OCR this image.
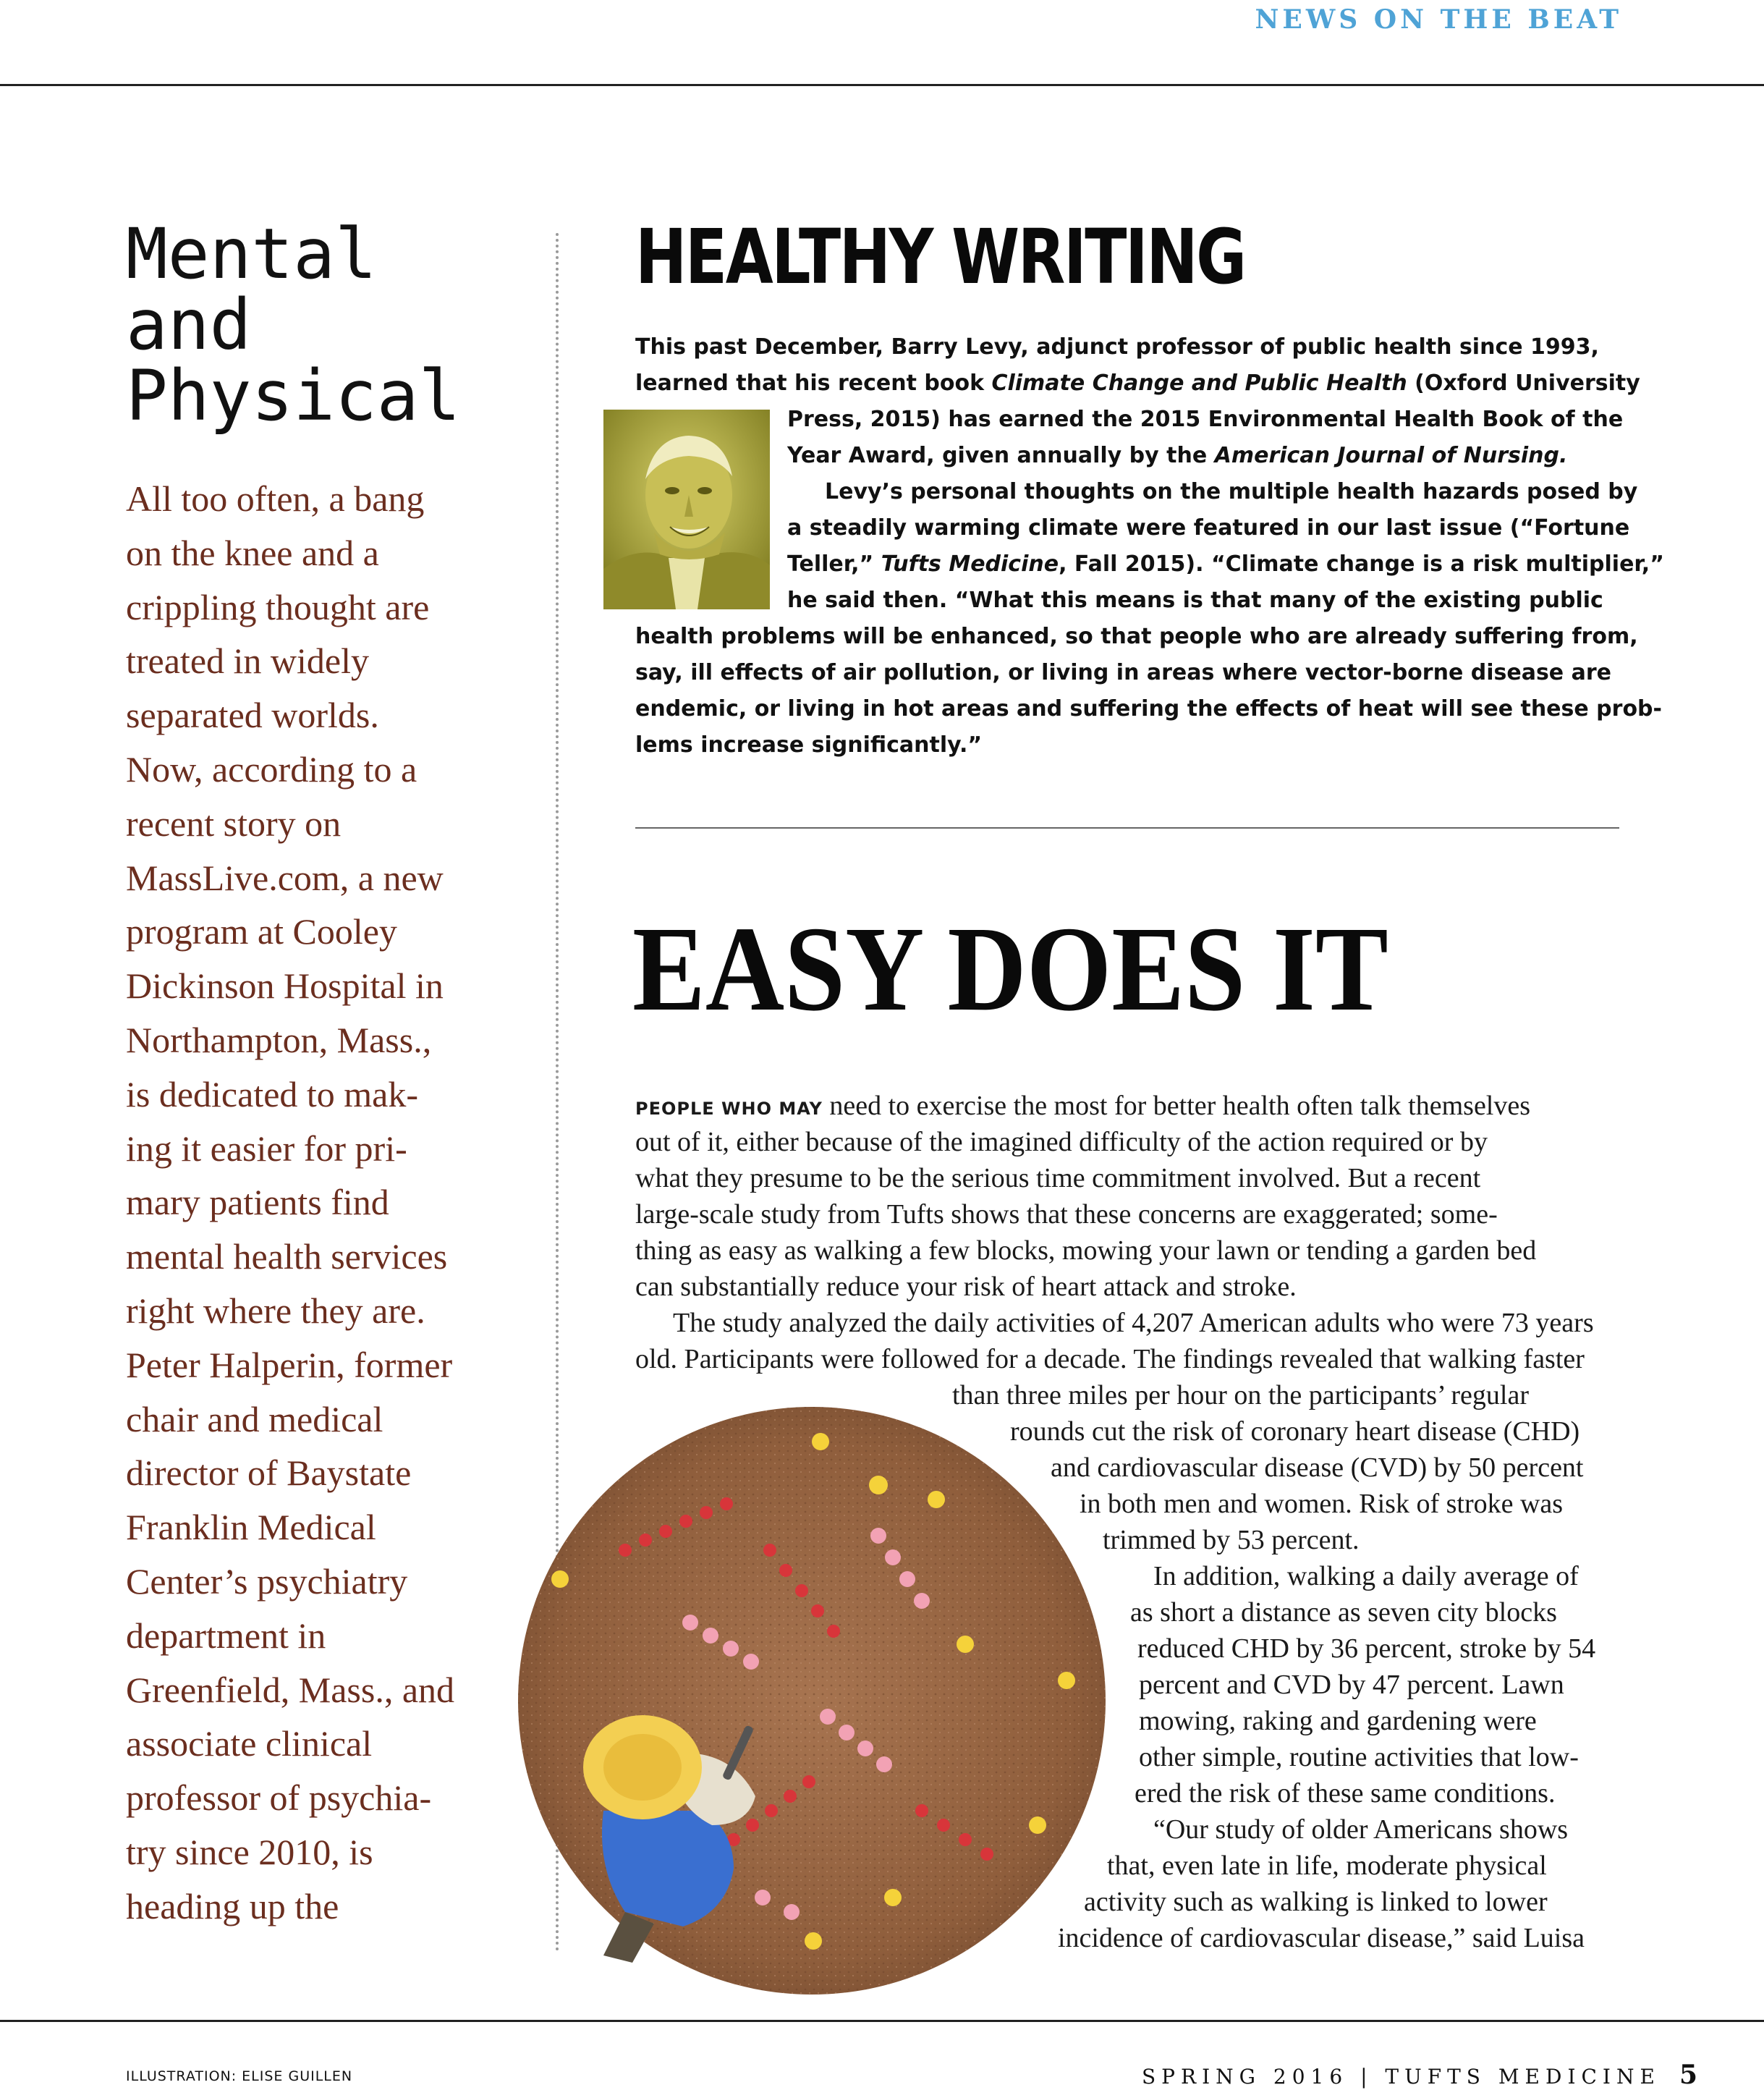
NEWS ON THE BEAT
Mental
and
Physical
All too often, a bang
on the knee and a
crippling thought are
treated in widely
separated worlds.
Now, according to a
recent story on
MassLive.com, a new
program at Cooley
Dickinson Hospital in
Northampton, Mass.,
is dedicated to mak-
ing it easier for pri-
mary patients find
mental health services
right where they are.
Peter Halperin, former
chair and medical
director of Baystate
Franklin Medical
Center’s psychiatry
department in
Greenfield, Mass., and
associate clinical
professor of psychia-
try since 2010, is
heading up the
HEALTHY WRITING
This past December, Barry Levy, adjunct professor of public health since 1993,
learned that his recent book Climate Change and Public Health (Oxford University
Press, 2015) has earned the 2015 Environmental Health Book of the
Year Award, given annually by the American Journal of Nursing.
Levy’s personal thoughts on the multiple health hazards posed by
a steadily warming climate were featured in our last issue (“Fortune
Teller,” Tufts Medicine, Fall 2015). “Climate change is a risk multiplier,”
he said then. “What this means is that many of the existing public
health problems will be enhanced, so that people who are already suffering from,
say, ill effects of air pollution, or living in areas where vector-borne disease are
endemic, or living in hot areas and suffering the effects of heat will see these prob-
lems increase significantly.”
EASY DOES IT
PEOPLE WHO MAY need to exercise the most for better health often talk themselves
out of it, either because of the imagined difficulty of the action required or by
what they presume to be the serious time commitment involved. But a recent
large-scale study from Tufts shows that these concerns are exaggerated; some-
thing as easy as walking a few blocks, mowing your lawn or tending a garden bed
can substantially reduce your risk of heart attack and stroke.
The study analyzed the daily activities of 4,207 American adults who were 73 years
old. Participants were followed for a decade. The findings revealed that walking faster
than three miles per hour on the participants’ regular
rounds cut the risk of coronary heart disease (CHD)
and cardiovascular disease (CVD) by 50 percent
in both men and women. Risk of stroke was
trimmed by 53 percent.
In addition, walking a daily average of
as short a distance as seven city blocks
reduced CHD by 36 percent, stroke by 54
percent and CVD by 47 percent. Lawn
mowing, raking and gardening were
other simple, routine activities that low-
ered the risk of these same conditions.
“Our study of older Americans shows
that, even late in life, moderate physical
activity such as walking is linked to lower
incidence of cardiovascular disease,” said Luisa
ILLUSTRATION: ELISE GUILLEN	SPRING 2016 | TUFTS MEDICINE 5
